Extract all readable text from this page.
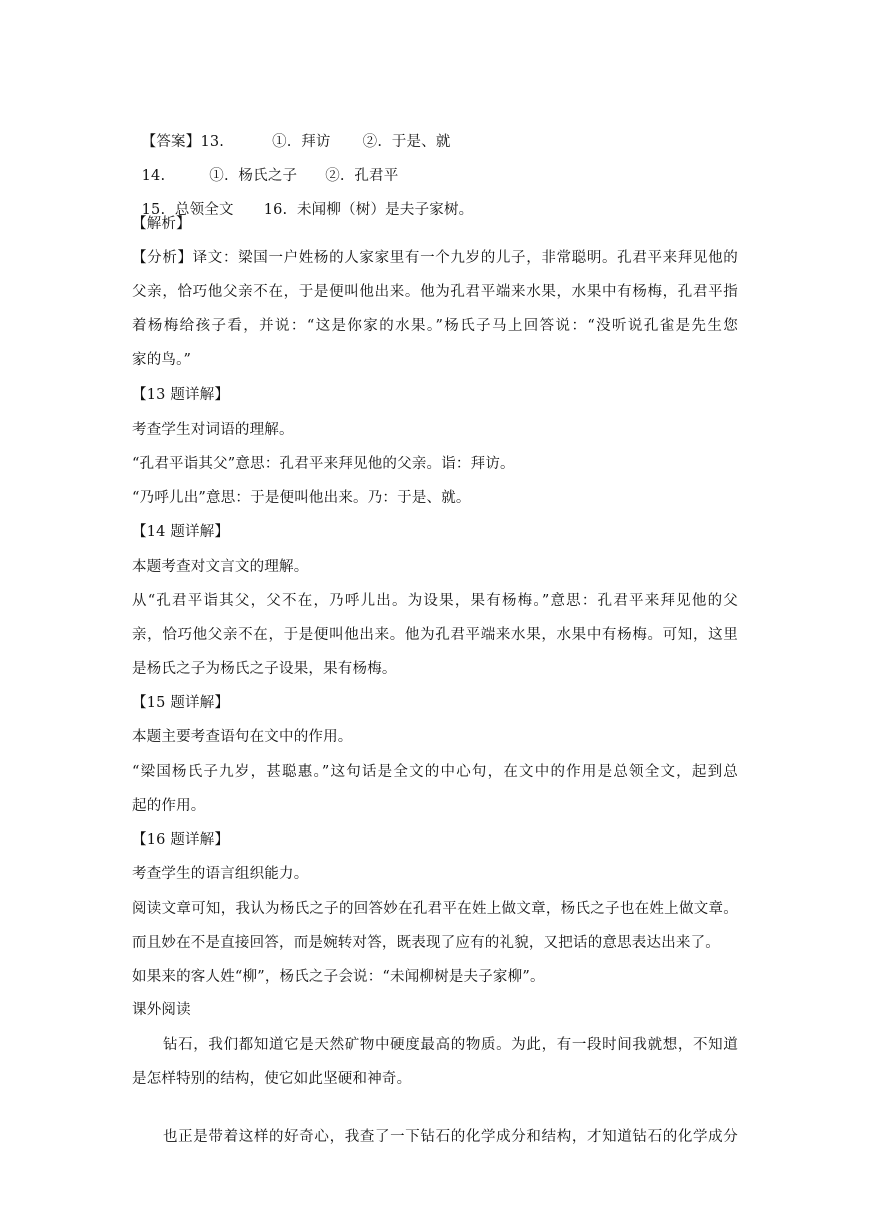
【答案】13.	①.  拜访 ②.  于是、就

14.	①.  杨氏之子 ②.  孔君平

15.  总领全文 16.  未闻柳（树）是夫子家树。

【解析】
【分析】译文：梁国一户姓杨的人家家里有一个九岁的儿子，非常聪明。孔君平来拜见他的
父亲，恰巧他父亲不在，于是便叫他出来。他为孔君平端来水果，水果中有杨梅，孔君平指
着杨梅给孩子看，并说：“这是你家的水果。”杨氏子马上回答说：“没听说孔雀是先生您
家的鸟。”
【13 题详解】
考查学生对词语的理解。
“孔君平诣其父”意思：孔君平来拜见他的父亲。诣：拜访。
“乃呼儿出”意思：于是便叫他出来。乃：于是、就。
【14 题详解】
本题考查对文言文的理解。
从“孔君平诣其父，父不在，乃呼儿出。为设果，果有杨梅。”意思：孔君平来拜见他的父
亲，恰巧他父亲不在，于是便叫他出来。他为孔君平端来水果，水果中有杨梅。可知，这里
是杨氏之子为杨氏之子设果，果有杨梅。
【15 题详解】
本题主要考查语句在文中的作用。
“梁国杨氏子九岁，甚聪惠。”这句话是全文的中心句，在文中的作用是总领全文，起到总
起的作用。
【16 题详解】
考查学生的语言组织能力。
阅读文章可知，我认为杨氏之子的回答妙在孔君平在姓上做文章，杨氏之子也在姓上做文章。
而且妙在不是直接回答，而是婉转对答，既表现了应有的礼貌，又把话的意思表达出来了。
如果来的客人姓“柳”，杨氏之子会说：“未闻柳树是夫子家柳”。
课外阅读
钻石，我们都知道它是天然矿物中硬度最高的物质。为此，有一段时间我就想，不知道
是怎样特别的结构，使它如此坚硬和神奇。
也正是带着这样的好奇心，我查了一下钻石的化学成分和结构，才知道钻石的化学成分
